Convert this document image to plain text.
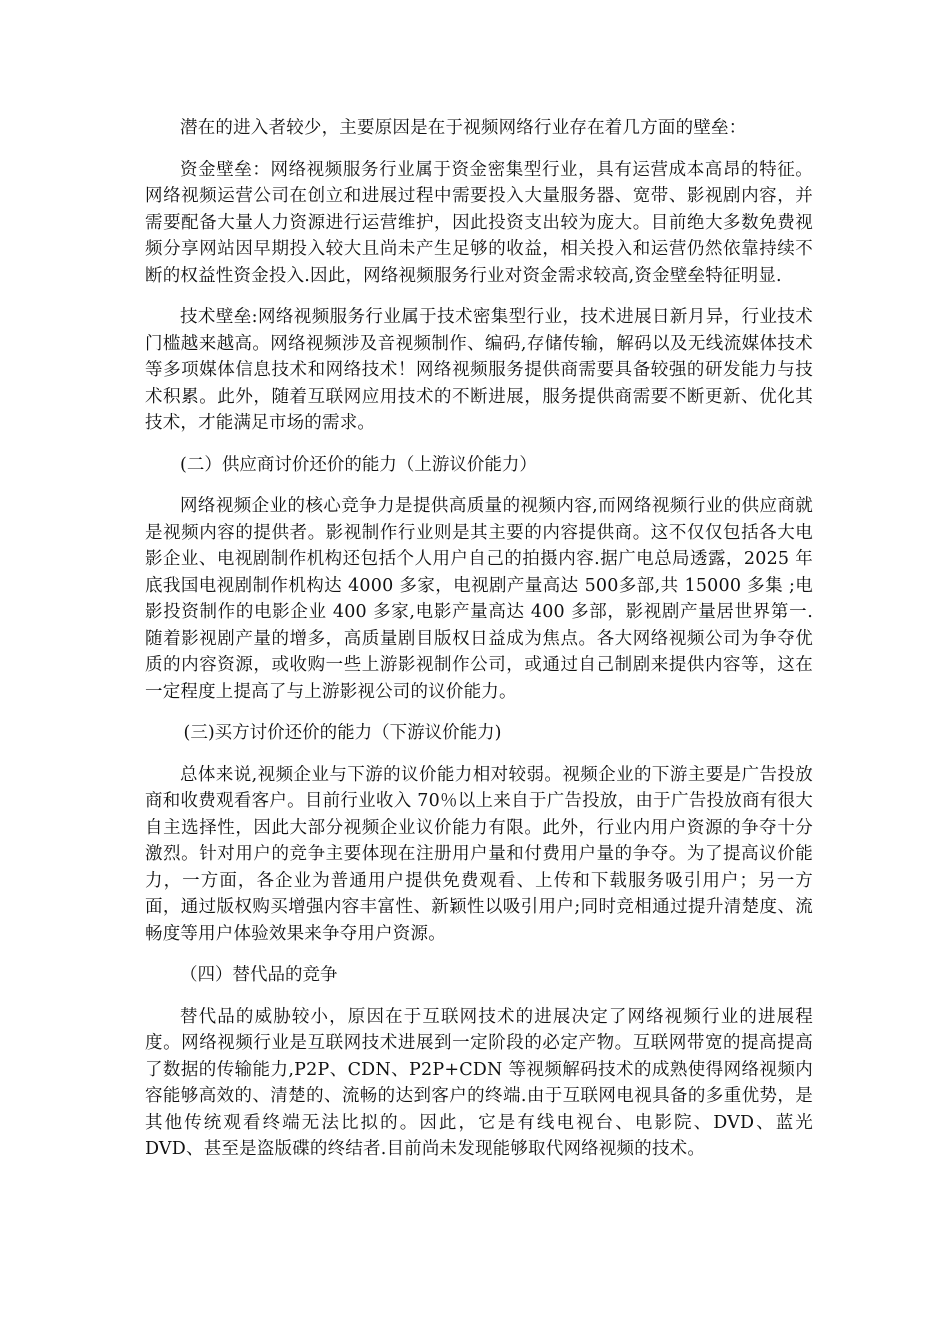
潜在的进入者较少，主要原因是在于视频网络行业存在着几方面的壁垒：

资金壁垒：网络视频服务行业属于资金密集型行业，具有运营成本高昂的特征。网络视频运营公司在创立和进展过程中需要投入大量服务器、宽带、影视剧内容，并需要配备大量人力资源进行运营维护，因此投资支出较为庞大。目前绝大多数免费视频分享网站因早期投入较大且尚未产生足够的收益，相关投入和运营仍然依靠持续不断的权益性资金投入.因此，网络视频服务行业对资金需求较高,资金壁垒特征明显.

技术壁垒:网络视频服务行业属于技术密集型行业，技术进展日新月异，行业技术门槛越来越高。网络视频涉及音视频制作、编码,存储传输，解码以及无线流媒体技术等多项媒体信息技术和网络技术！网络视频服务提供商需要具备较强的研发能力与技术积累。此外，随着互联网应用技术的不断进展，服务提供商需要不断更新、优化其技术，才能满足市场的需求。

(二）供应商讨价还价的能力（上游议价能力）

网络视频企业的核心竞争力是提供高质量的视频内容,而网络视频行业的供应商就是视频内容的提供者。影视制作行业则是其主要的内容提供商。这不仅仅包括各大电影企业、电视剧制作机构还包括个人用户自己的拍摄内容.据广电总局透露，2025 年底我国电视剧制作机构达 4000 多家，电视剧产量高达 500多部,共 15000 多集 ;电影投资制作的电影企业 400 多家,电影产量高达 400 多部，影视剧产量居世界第一.随着影视剧产量的增多，高质量剧目版权日益成为焦点。各大网络视频公司为争夺优质的内容资源，或收购一些上游影视制作公司，或通过自己制剧来提供内容等，这在一定程度上提高了与上游影视公司的议价能力。

(三)买方讨价还价的能力（下游议价能力)

总体来说,视频企业与下游的议价能力相对较弱。视频企业的下游主要是广告投放商和收费观看客户。目前行业收入 70％以上来自于广告投放，由于广告投放商有很大自主选择性，因此大部分视频企业议价能力有限。此外，行业内用户资源的争夺十分激烈。针对用户的竞争主要体现在注册用户量和付费用户量的争夺。为了提高议价能力，一方面，各企业为普通用户提供免费观看、上传和下载服务吸引用户；另一方面，通过版权购买增强内容丰富性、新颖性以吸引用户;同时竞相通过提升清楚度、流畅度等用户体验效果来争夺用户资源。

（四）替代品的竞争

替代品的威胁较小，原因在于互联网技术的进展决定了网络视频行业的进展程度。网络视频行业是互联网技术进展到一定阶段的必定产物。互联网带宽的提高提高了数据的传输能力,P2P、CDN、P2P+CDN 等视频解码技术的成熟使得网络视频内容能够高效的、清楚的、流畅的达到客户的终端.由于互联网电视具备的多重优势，是其他传统观看终端无法比拟的。因此，它是有线电视台、电影院、DVD、蓝光 DVD、甚至是盗版碟的终结者.目前尚未发现能够取代网络视频的技术。
